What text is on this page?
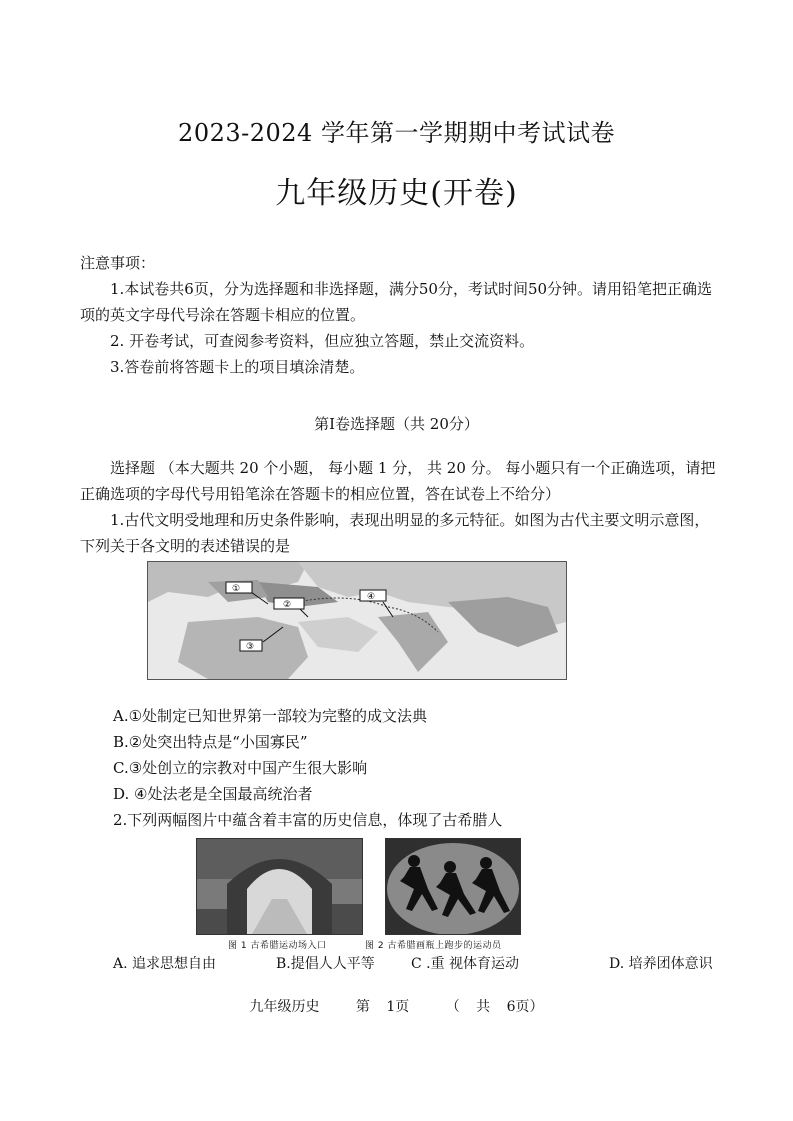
2023-2024 学年第一学期期中考试试卷
九年级历史(开卷)
注意事项：
1.本试卷共6页，分为选择题和非选择题，满分50分，考试时间50分钟。请用铅笔把正确选项的英文字母代号涂在答题卡相应的位置。
2. 开卷考试，可查阅参考资料，但应独立答题，禁止交流资料。
3.答卷前将答题卡上的项目填涂清楚。
第Ⅰ卷选择题（共 20分）
选择题 （本大题共 20 个小题， 每小题 1 分， 共 20 分。 每小题只有一个正确选项，请把正确选项的字母代号用铅笔涂在答题卡的相应位置，答在试卷上不给分）
1.古代文明受地理和历史条件影响，表现出明显的多元特征。如图为古代主要文明示意图，下列关于各文明的表述错误的是
①
②
③
④
A.①处制定已知世界第一部较为完整的成文法典
B.②处突出特点是“小国寡民”
C.③处创立的宗教对中国产生很大影响
D. ④处法老是全国最高统治者
2.下列两幅图片中蕴含着丰富的历史信息，体现了古希腊人
图 1 古希腊运动场入口	图 2 古希腊画瓶上跑步的运动员
A. 追求思想自由	B.提倡人人平等	C .重 视体育运动	D. 培养团体意识
九年级历史	第 1页	（ 共 6页）
